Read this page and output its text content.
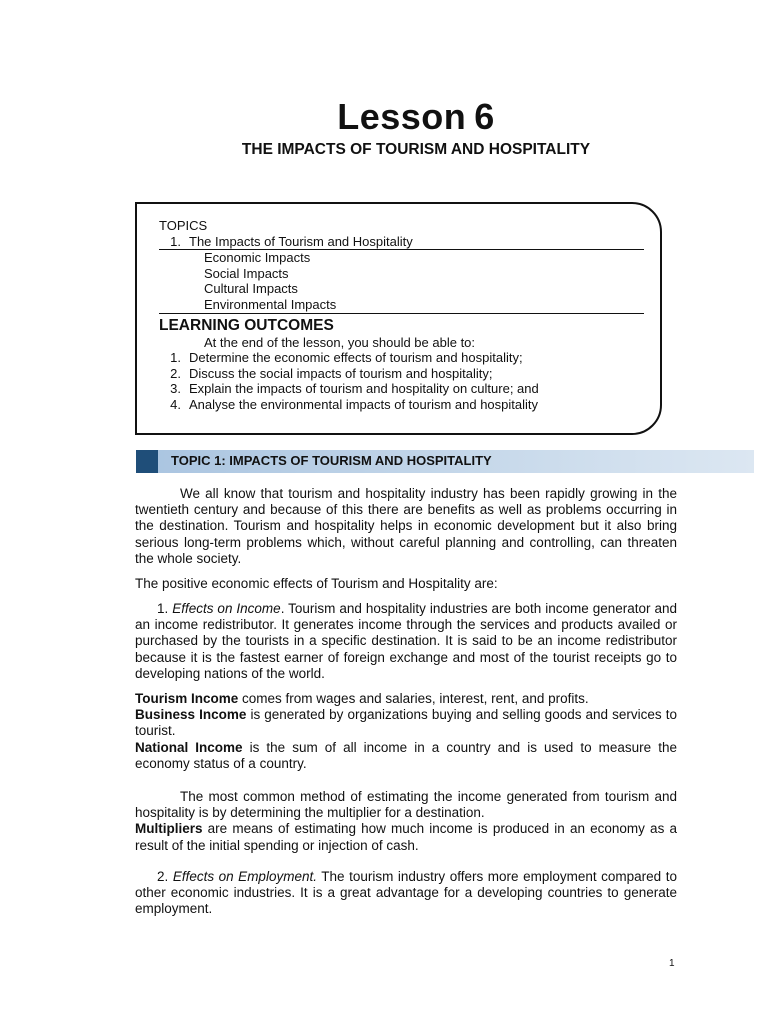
Lesson 6
THE IMPACTS OF TOURISM AND HOSPITALITY
TOPICS
1. The Impacts of Tourism and Hospitality
Economic Impacts
Social Impacts
Cultural Impacts
Environmental Impacts
LEARNING OUTCOMES
At the end of the lesson, you should be able to:
1. Determine the economic effects of tourism and hospitality;
2. Discuss the social impacts of tourism and hospitality;
3. Explain the impacts of tourism and hospitality on culture; and
4. Analyse the environmental impacts of tourism and hospitality
TOPIC 1: IMPACTS OF TOURISM AND HOSPITALITY

We all know that tourism and hospitality industry has been rapidly growing in the twentieth century and because of this there are benefits as well as problems occurring in the destination. Tourism and hospitality helps in economic development but it also bring serious long-term problems which, without careful planning and controlling, can threaten the whole society.

The positive economic effects of Tourism and Hospitality are:

1. Effects on Income. Tourism and hospitality industries are both income generator and an income redistributor. It generates income through the services and products availed or purchased by the tourists in a specific destination. It is said to be an income redistributor because it is the fastest earner of foreign exchange and most of the tourist receipts go to developing nations of the world.

Tourism Income comes from wages and salaries, interest, rent, and profits.

Business Income is generated by organizations buying and selling goods and services to tourist.

National Income is the sum of all income in a country and is used to measure the economy status of a country.

The most common method of estimating the income generated from tourism and hospitality is by determining the multiplier for a destination.

Multipliers are means of estimating how much income is produced in an economy as a result of the initial spending or injection of cash.

2. Effects on Employment. The tourism industry offers more employment compared to other economic industries. It is a great advantage for a developing countries to generate employment.

1
